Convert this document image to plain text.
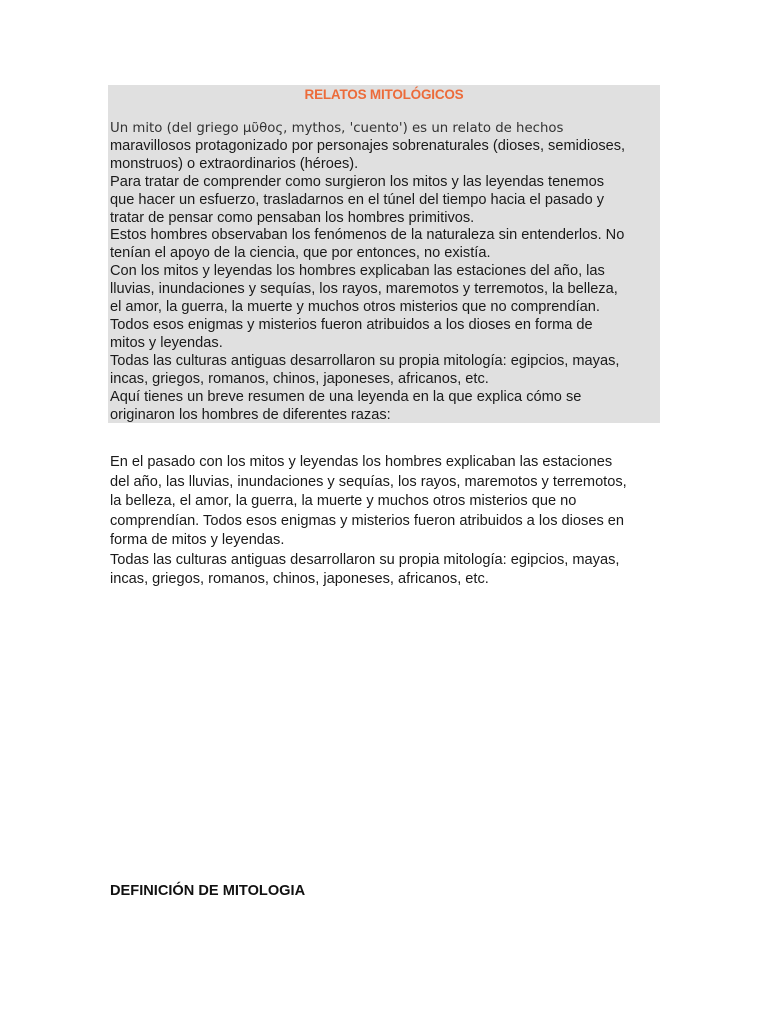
RELATOS MITOLÓGICOS
Un mito (del griego μῦθος, mythos, 'cuento') es un relato de hechos
maravillosos protagonizado por personajes sobrenaturales (dioses, semidioses,
monstruos) o extraordinarios (héroes).
Para tratar de comprender como surgieron los mitos y las leyendas tenemos
que hacer un esfuerzo, trasladarnos en el túnel del tiempo hacia el pasado y
tratar de pensar como pensaban los hombres primitivos.
Estos hombres observaban los fenómenos de la naturaleza sin entenderlos. No
tenían el apoyo de la ciencia, que por entonces, no existía.
Con los mitos y leyendas los hombres explicaban las estaciones del año, las
lluvias, inundaciones y sequías, los rayos, maremotos y terremotos, la belleza,
el amor, la guerra, la muerte y muchos otros misterios que no comprendían.
Todos esos enigmas y misterios fueron atribuidos a los dioses en forma de
mitos y leyendas.
Todas las culturas antiguas desarrollaron su propia mitología: egipcios, mayas,
incas, griegos, romanos, chinos, japoneses, africanos, etc.
Aquí tienes un breve resumen de una leyenda en la que explica cómo se
originaron los hombres de diferentes razas:
En el pasado con los mitos y leyendas los hombres explicaban las estaciones
del año, las lluvias, inundaciones y sequías, los rayos, maremotos y terremotos,
la belleza, el amor, la guerra, la muerte y muchos otros misterios que no
comprendían. Todos esos enigmas y misterios fueron atribuidos a los dioses en
forma de mitos y leyendas.
Todas las culturas antiguas desarrollaron su propia mitología: egipcios, mayas,
incas, griegos, romanos, chinos, japoneses, africanos, etc.
DEFINICIÓN DE MITOLOGIA
